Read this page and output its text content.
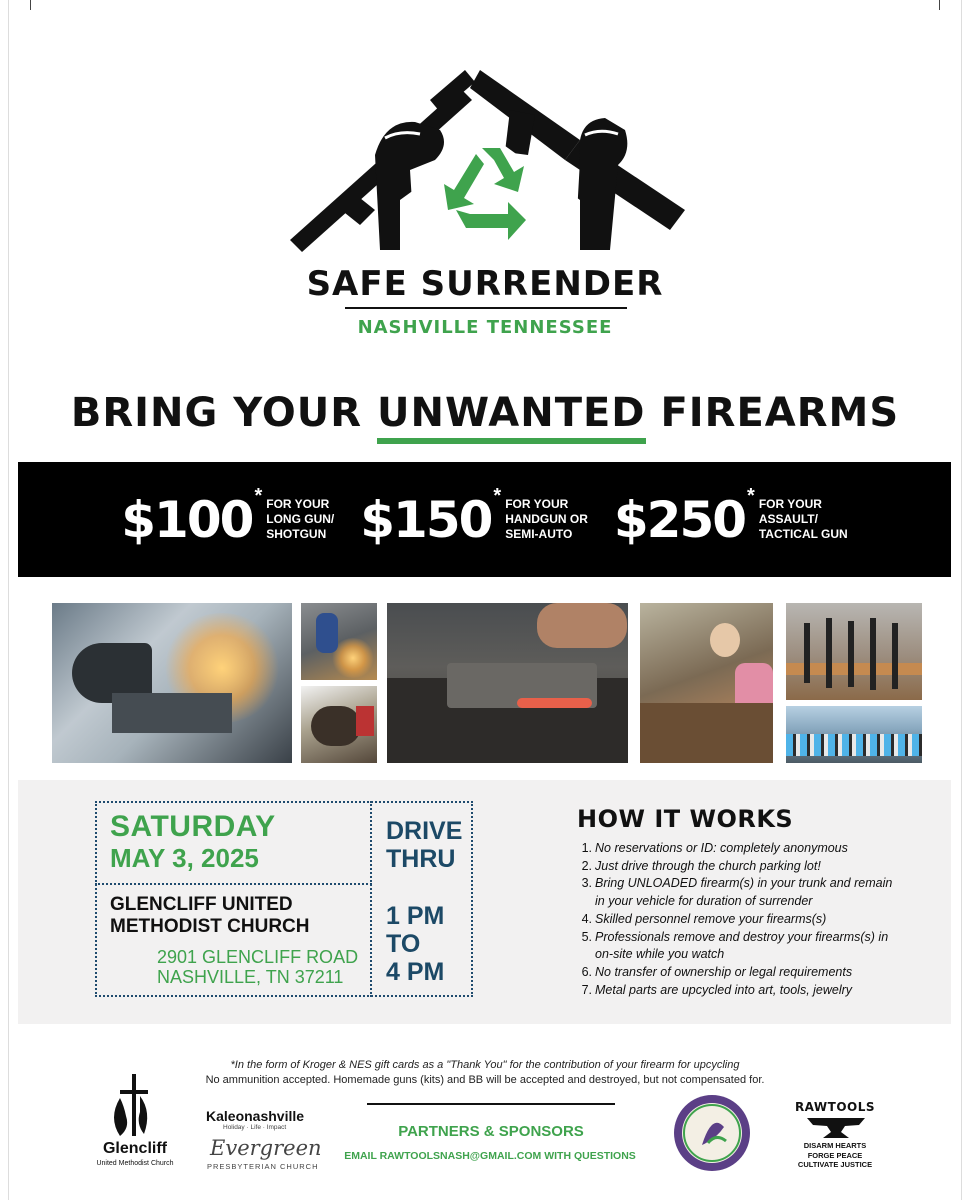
SAFE SURRENDER
NASHVILLE TENNESSEE
BRING YOUR UNWANTED FIREARMS
$100 * FOR YOUR
LONG GUN/
SHOTGUN $150 * FOR YOUR
HANDGUN OR
SEMI-AUTO $250 * FOR YOUR
ASSAULT/
TACTICAL GUN
SATURDAY
MAY 3, 2025
GLENCLIFF UNITED
METHODIST CHURCH
2901 GLENCLIFF ROAD
NASHVILLE, TN 37211
DRIVE
THRU
1 PM
TO
4 PM
HOW IT WORKS
1. No reservations or ID: completely anonymous
2. Just drive through the church parking lot!
3. Bring UNLOADED firearm(s) in your trunk and remain in your vehicle for duration of surrender
4. Skilled personnel remove your firearms(s)
5. Professionals remove and destroy your firearms(s) in on-site while you watch
6. No transfer of ownership or legal requirements
7. Metal parts are upcycled into art, tools, jewelry
*In the form of Kroger & NES gift cards as a "Thank You" for the contribution of your firearm for upcycling
No ammunition accepted. Homemade guns (kits) and BB will be accepted and destroyed, but not compensated for.
Glencliff
United Methodist Church
Kaleonashville
Holiday · Life · Impact
Evergreen
PRESBYTERIAN CHURCH
PARTNERS & SPONSORS
EMAIL RAWTOOLSNASH@GMAIL.COM WITH QUESTIONS
RAWTOOLS
DISARM HEARTS
FORGE PEACE
CULTIVATE JUSTICE
